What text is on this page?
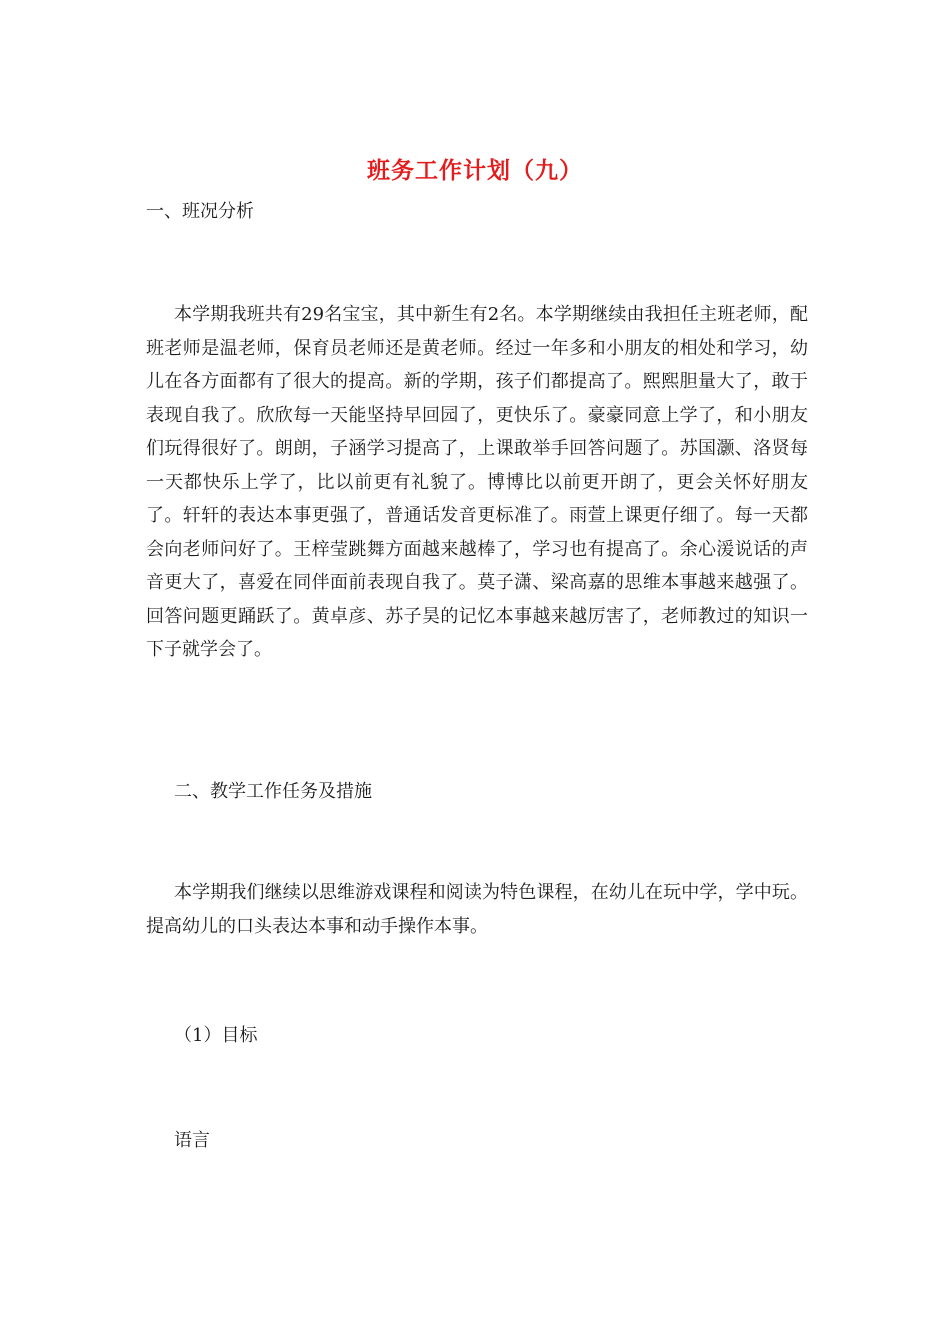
班务工作计划（九）

一、班况分析

本学期我班共有29名宝宝，其中新生有2名。本学期继续由我担任主班老师，配班老师是温老师，保育员老师还是黄老师。经过一年多和小朋友的相处和学习，幼儿在各方面都有了很大的提高。新的学期，孩子们都提高了。熙熙胆量大了，敢于表现自我了。欣欣每一天能坚持早回园了，更快乐了。豪豪同意上学了，和小朋友们玩得很好了。朗朗，子涵学习提高了，上课敢举手回答问题了。苏国灏、洛贤每一天都快乐上学了，比以前更有礼貌了。博博比以前更开朗了，更会关怀好朋友了。轩轩的表达本事更强了，普通话发音更标准了。雨萱上课更仔细了。每一天都会向老师问好了。王梓莹跳舞方面越来越棒了，学习也有提高了。余心湲说话的声音更大了，喜爱在同伴面前表现自我了。莫子潇、梁高嘉的思维本事越来越强了。回答问题更踊跃了。黄卓彦、苏子昊的记忆本事越来越厉害了，老师教过的知识一下子就学会了。

二、教学工作任务及措施

本学期我们继续以思维游戏课程和阅读为特色课程，在幼儿在玩中学，学中玩。提高幼儿的口头表达本事和动手操作本事。

（1）目标

语言
